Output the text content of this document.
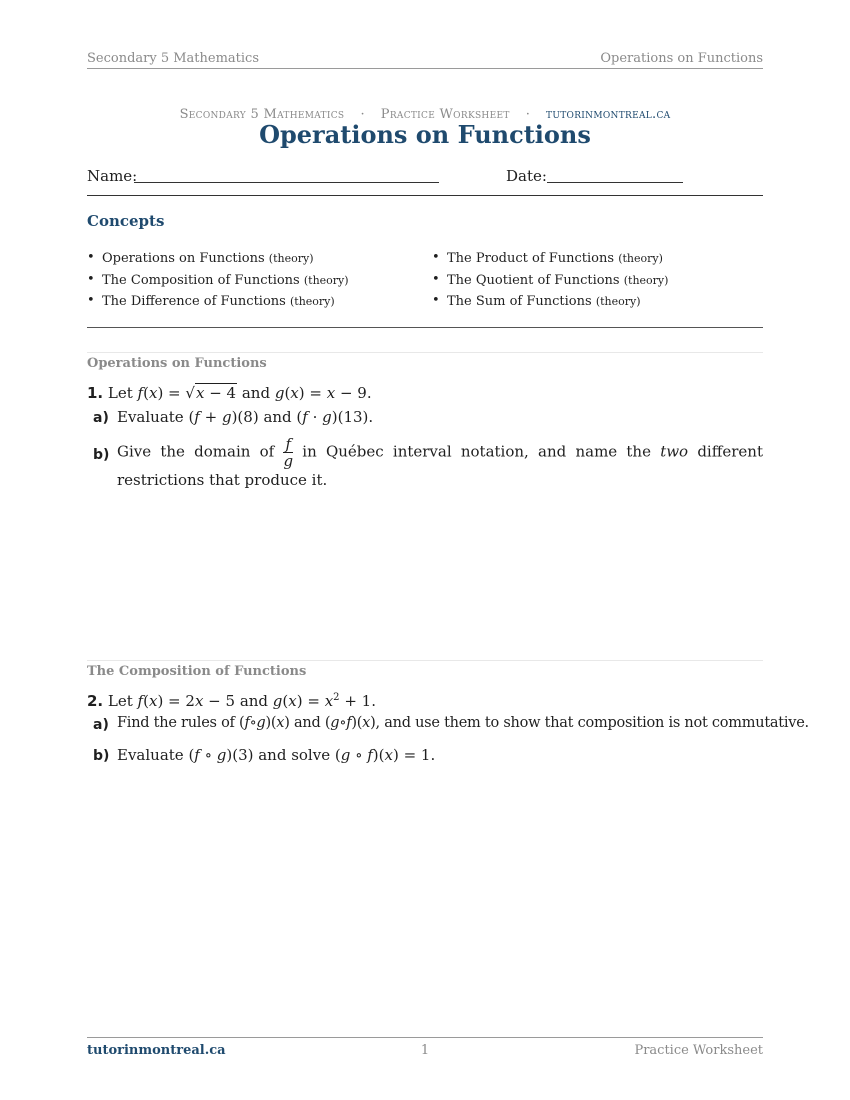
Secondary 5 Mathematics	Operations on Functions
Secondary 5 Mathematics · Practice Worksheet · tutorinmontreal.ca
Operations on Functions
Name:	Date:
Concepts
• Operations on Functions (theory)
• The Composition of Functions (theory)
• The Difference of Functions (theory)
• The Product of Functions (theory)
• The Quotient of Functions (theory)
• The Sum of Functions (theory)
Operations on Functions
1. Let f(x) = √x − 4 and g(x) = x − 9.
a) Evaluate (f + g)(8) and (f · g)(13).
b) Give the domain of $\frac{f}{g}$ in Québec interval notation, and name the two different restrictions that produce it.
The Composition of Functions
2. Let f(x) = 2x − 5 and $g(x) = x^2 + 1$.
a) Find the rules of (f∘g)(x) and (g∘f)(x), and use them to show that composition is not commutative.
b) Evaluate (f ∘ g)(3) and solve (g ∘ f)(x) = 1.
tutorinmontreal.ca	1	Practice Worksheet
